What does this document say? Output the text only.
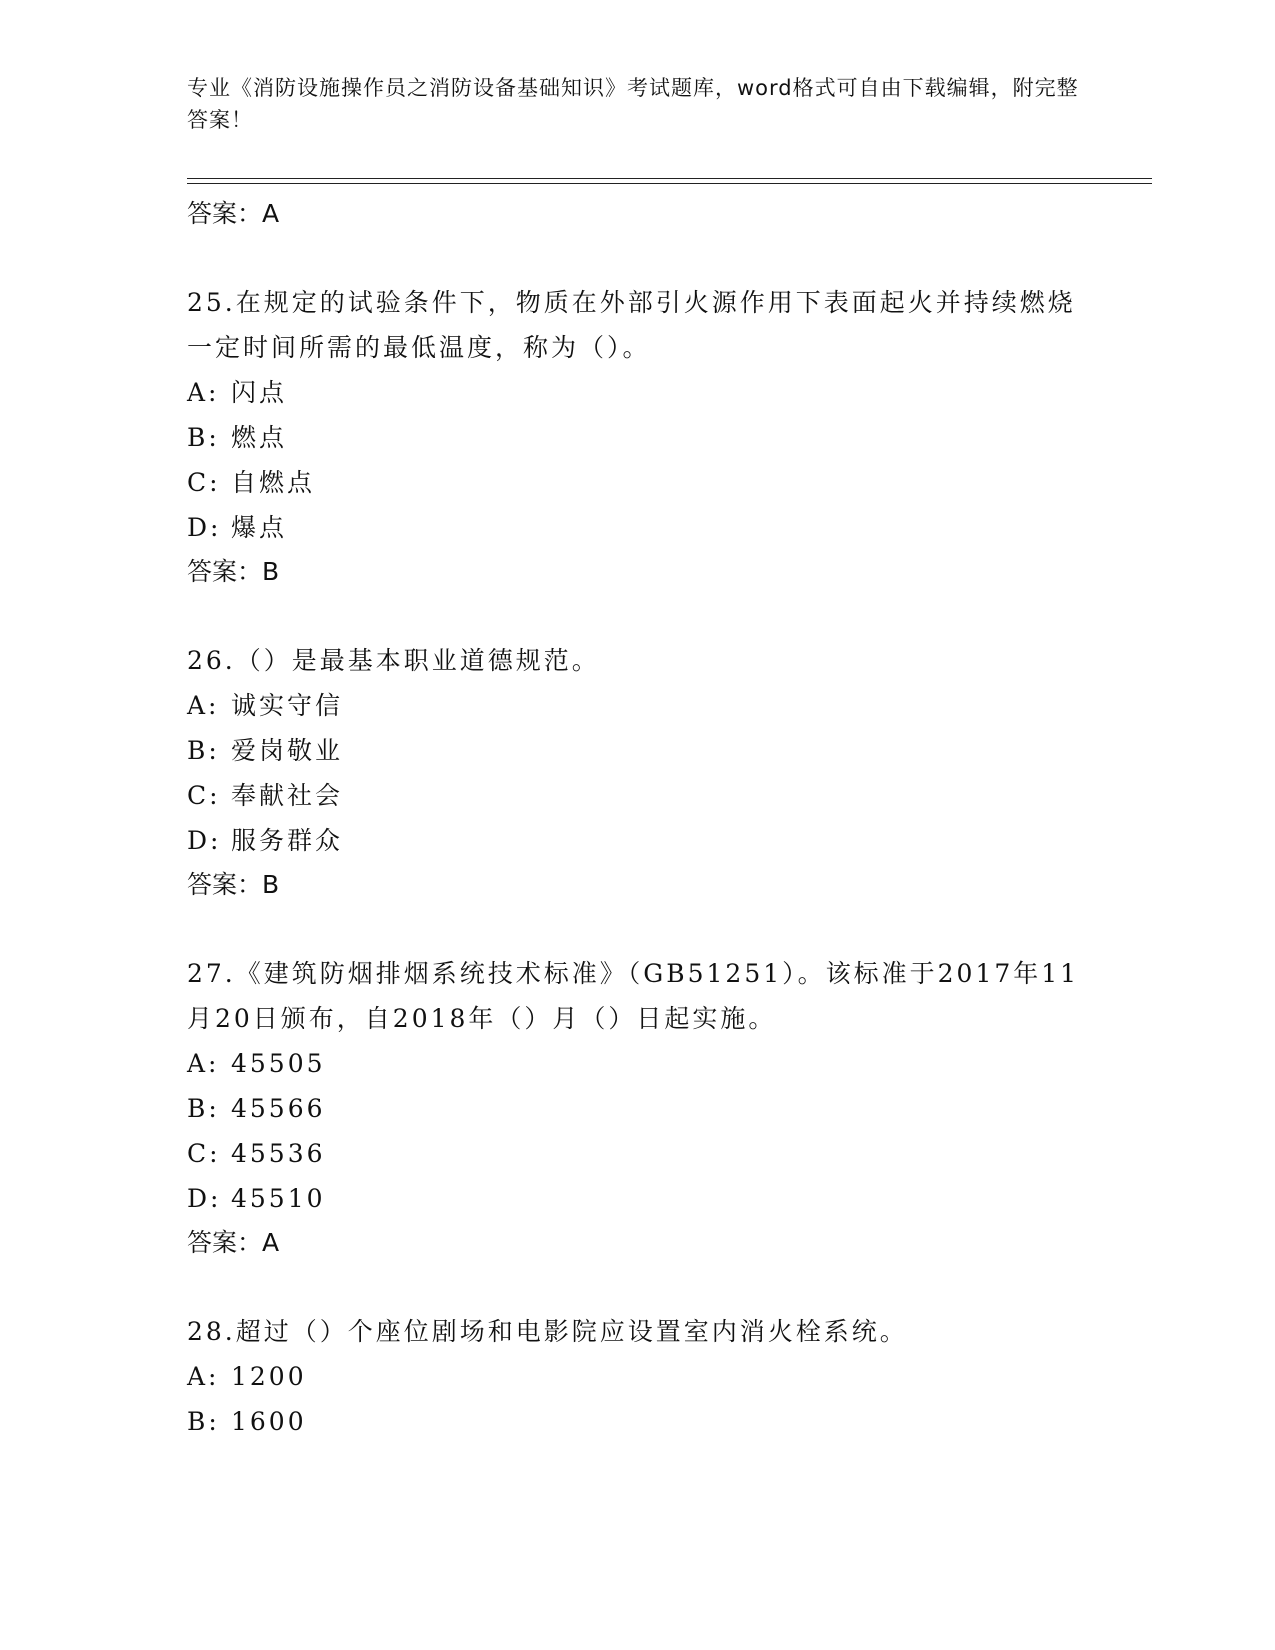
专业《消防设施操作员之消防设备基础知识》考试题库，word格式可自由下载编辑，附完整答案！
答案：A
25.在规定的试验条件下，物质在外部引火源作用下表面起火并持续燃烧一定时间所需的最低温度，称为（）。
A: 闪点
B: 燃点
C: 自燃点
D: 爆点
答案：B
26.（）是最基本职业道德规范。
A: 诚实守信
B: 爱岗敬业
C: 奉献社会
D: 服务群众
答案：B
27.《建筑防烟排烟系统技术标准》（GB51251）。该标准于2017年11月20日颁布，自2018年（）月（）日起实施。
A: 45505
B: 45566
C: 45536
D: 45510
答案：A
28.超过（）个座位剧场和电影院应设置室内消火栓系统。
A: 1200
B: 1600
